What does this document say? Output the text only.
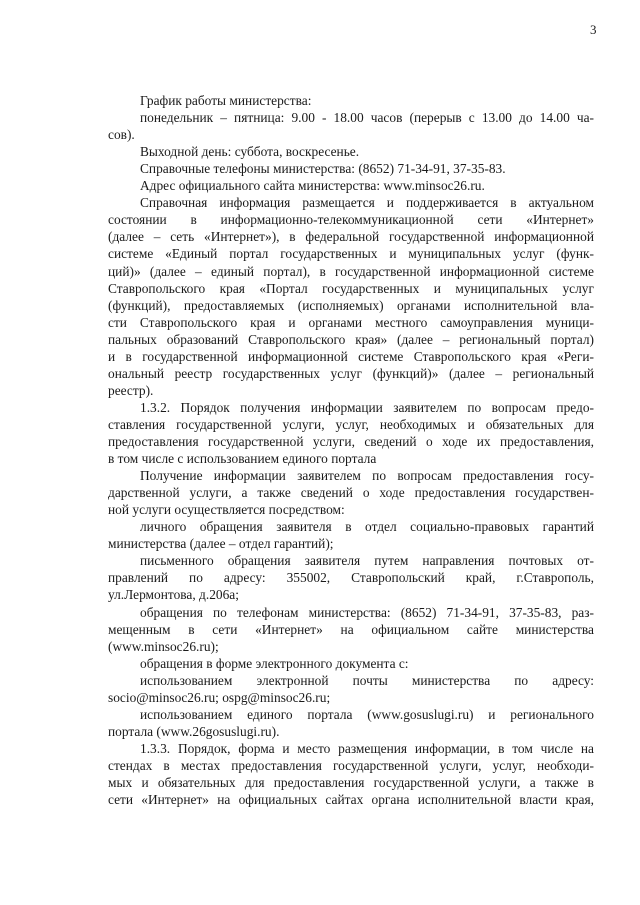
3
График работы министерства:
понедельник – пятница: 9.00 - 18.00 часов (перерыв с 13.00 до 14.00 ча-
сов).
Выходной день: суббота, воскресенье.
Справочные телефоны министерства: (8652) 71-34-91, 37-35-83.
Адрес официального сайта министерства: www.minsoc26.ru.
Справочная информация размещается и поддерживается в актуальном
состоянии в информационно-телекоммуникационной сети «Интернет»
(далее – сеть «Интернет»), в федеральной государственной информационной
системе «Единый портал государственных и муниципальных услуг (функ-
ций)» (далее – единый портал), в государственной информационной системе
Ставропольского края «Портал государственных и муниципальных услуг
(функций), предоставляемых (исполняемых) органами исполнительной вла-
сти Ставропольского края и органами местного самоуправления муници-
пальных образований Ставропольского края» (далее – региональный портал)
и в государственной информационной системе Ставропольского края «Реги-
ональный реестр государственных услуг (функций)» (далее – региональный
реестр).
1.3.2. Порядок получения информации заявителем по вопросам предо-
ставления государственной услуги, услуг, необходимых и обязательных для
предоставления государственной услуги, сведений о ходе их предоставления,
в том числе с использованием единого портала
Получение информации заявителем по вопросам предоставления госу-
дарственной услуги, а также сведений о ходе предоставления государствен-
ной услуги осуществляется посредством:
личного обращения заявителя в отдел социально-правовых гарантий
министерства (далее – отдел гарантий);
письменного обращения заявителя путем направления почтовых от-
правлений по адресу: 355002, Ставропольский край, г.Ставрополь,
ул.Лермонтова, д.206а;
обращения по телефонам министерства: (8652) 71-34-91, 37-35-83, раз-
мещенным в сети «Интернет» на официальном сайте министерства
(www.minsoc26.ru);
обращения в форме электронного документа с:
использованием электронной почты министерства по адресу:
socio@minsoc26.ru; ospg@minsoc26.ru;
использованием единого портала (www.gosuslugi.ru) и регионального
портала (www.26gosuslugi.ru).
1.3.3. Порядок, форма и место размещения информации, в том числе на
стендах в местах предоставления государственной услуги, услуг, необходи-
мых и обязательных для предоставления государственной услуги, а также в
сети «Интернет» на официальных сайтах органа исполнительной власти края,
